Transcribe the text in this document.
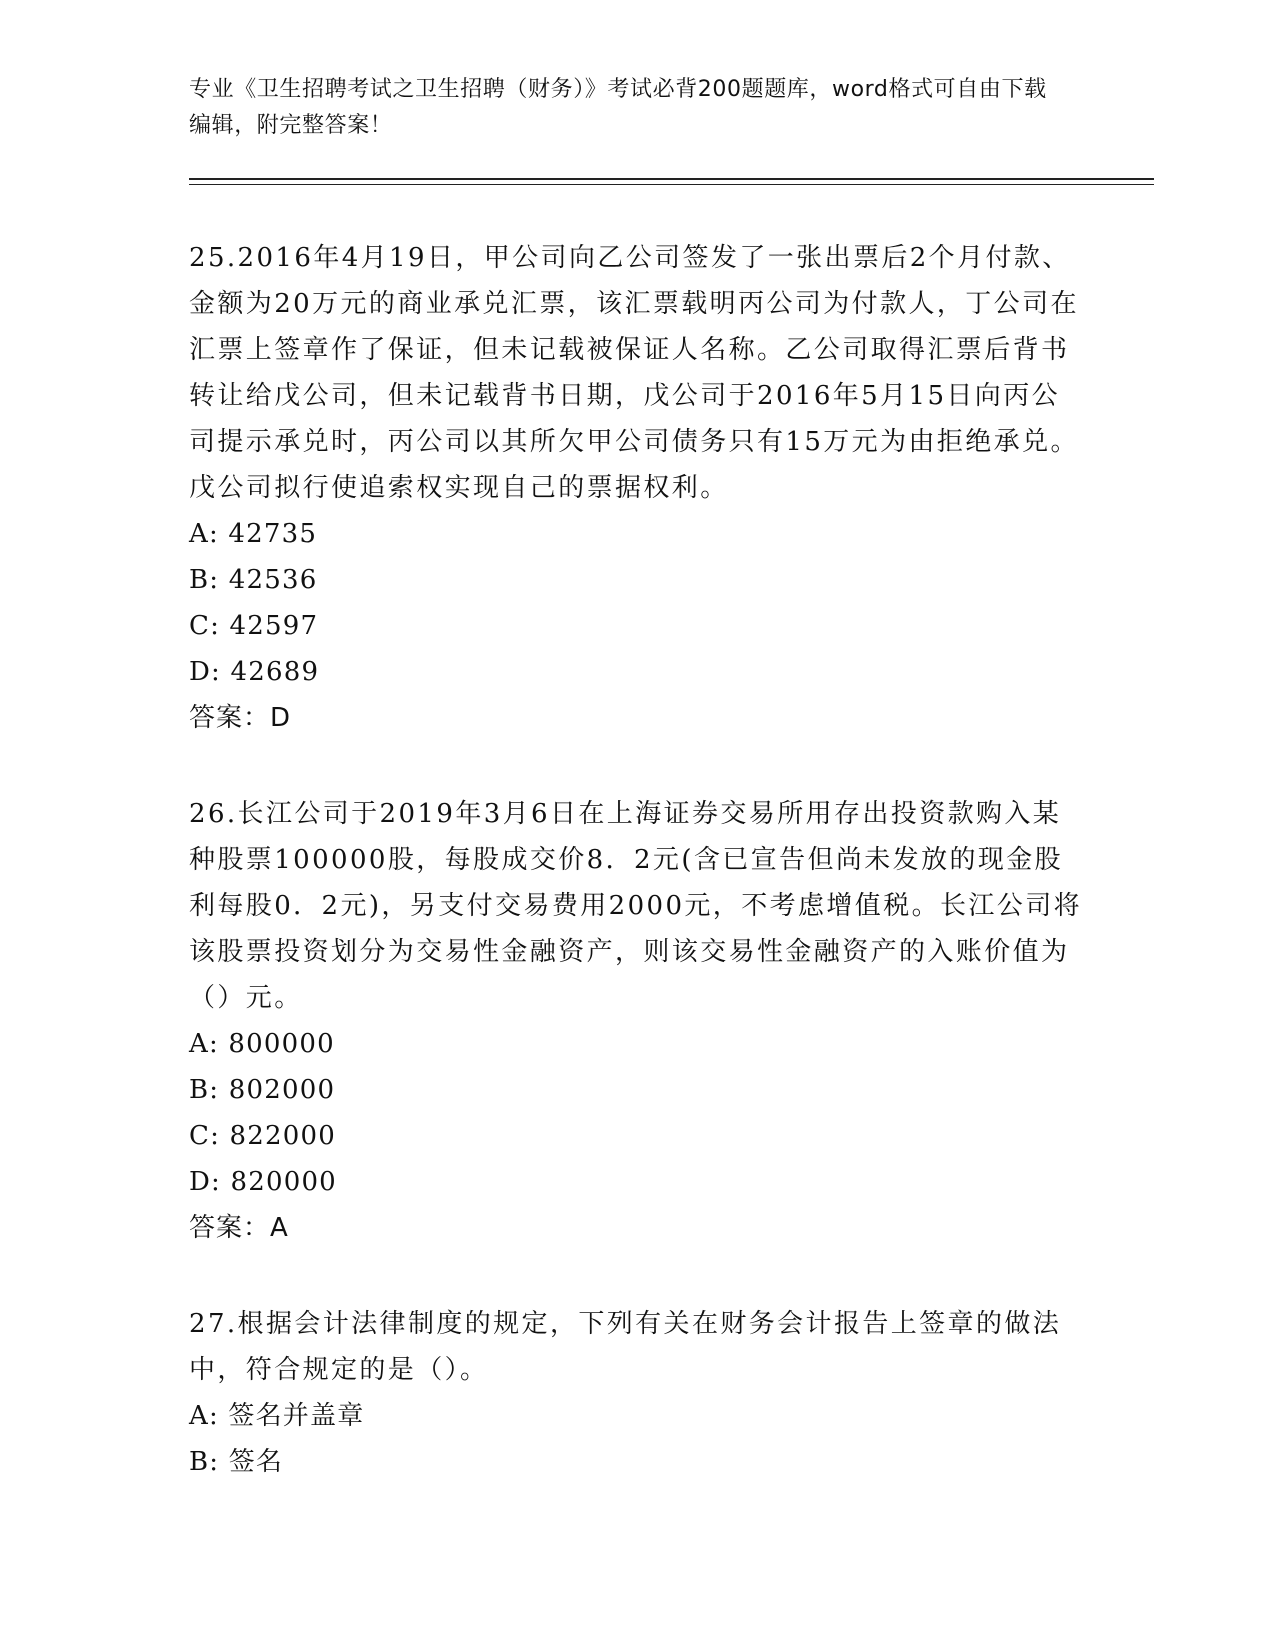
专业《卫生招聘考试之卫生招聘（财务）》考试必背200题题库，word格式可自由下载编辑，附完整答案！

25.2016年4月19日，甲公司向乙公司签发了一张出票后2个月付款、金额为20万元的商业承兑汇票，该汇票载明丙公司为付款人，丁公司在汇票上签章作了保证，但未记载被保证人名称。乙公司取得汇票后背书转让给戊公司，但未记载背书日期，戊公司于2016年5月15日向丙公司提示承兑时，丙公司以其所欠甲公司债务只有15万元为由拒绝承兑。戊公司拟行使追索权实现自己的票据权利。

A: 42735

B: 42536

C: 42597

D: 42689

答案：D

26.长江公司于2019年3月6日在上海证券交易所用存出投资款购入某种股票100000股，每股成交价8．2元(含已宣告但尚未发放的现金股利每股0．2元)，另支付交易费用2000元，不考虑增值税。长江公司将该股票投资划分为交易性金融资产，则该交易性金融资产的入账价值为（）元。

A: 800000

B: 802000

C: 822000

D: 820000

答案：A

27.根据会计法律制度的规定，下列有关在财务会计报告上签章的做法中，符合规定的是（）。

A: 签名并盖章

B: 签名
